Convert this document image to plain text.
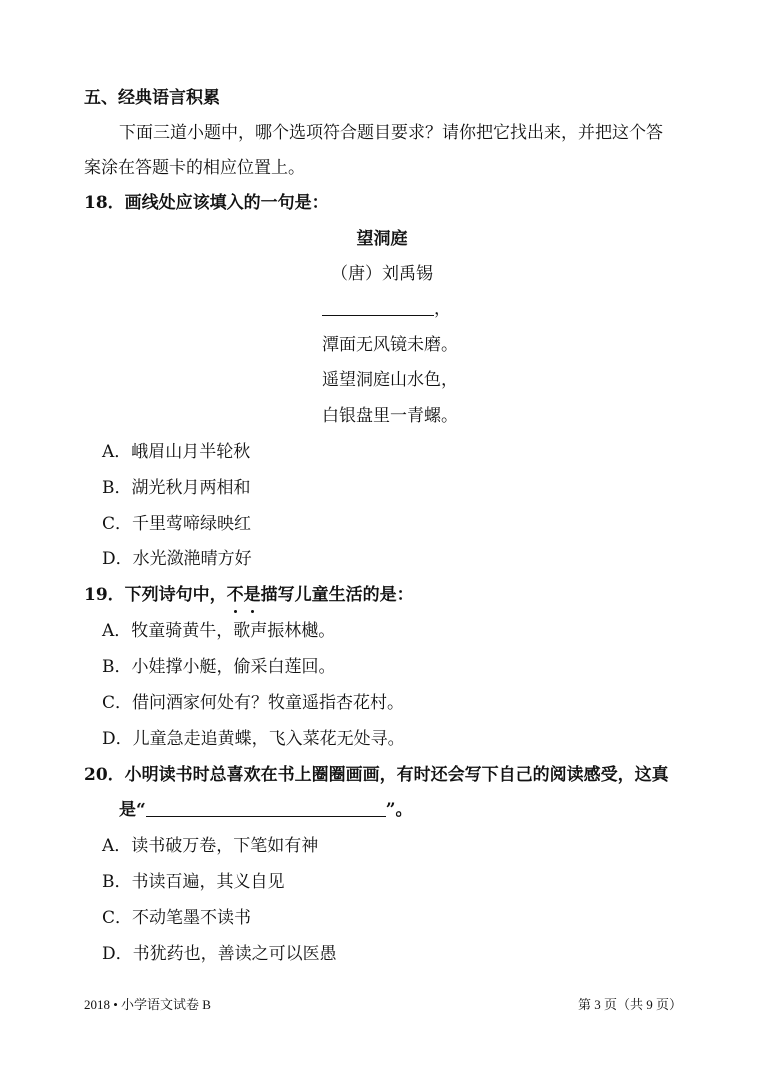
五、经典语言积累
下面三道小题中，哪个选项符合题目要求？请你把它找出来，并把这个答
案涂在答题卡的相应位置上。
18．画线处应该填入的一句是：
望洞庭
（唐）刘禹锡
，
潭面无风镜未磨。
遥望洞庭山水色，
白银盘里一青螺。
A．峨眉山月半轮秋
B．湖光秋月两相和
C．千里莺啼绿映红
D．水光潋滟晴方好
19．下列诗句中，不是描写儿童生活的是：
A．牧童骑黄牛，歌声振林樾。
B．小娃撑小艇，偷采白莲回。
C．借问酒家何处有？牧童遥指杏花村。
D．儿童急走追黄蝶，飞入菜花无处寻。
20．小明读书时总喜欢在书上圈圈画画，有时还会写下自己的阅读感受，这真
是“	”。
A．读书破万卷，下笔如有神
B．书读百遍，其义自见
C．不动笔墨不读书
D．书犹药也，善读之可以医愚
2018 • 小学语文试卷 B	第 3 页（共 9 页）
